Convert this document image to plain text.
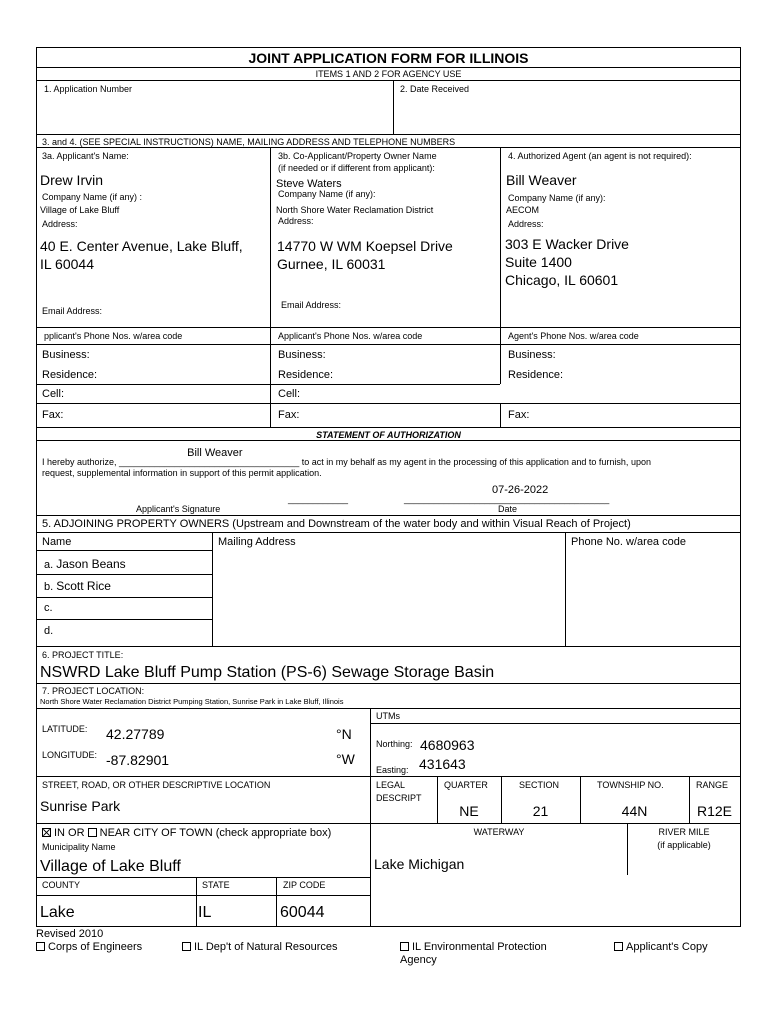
JOINT APPLICATION FORM FOR ILLINOIS
ITEMS 1 AND 2 FOR AGENCY USE
1. Application Number	2. Date Received
3. and 4. (SEE SPECIAL INSTRUCTIONS) NAME, MAILING ADDRESS AND TELEPHONE NUMBERS
3a. Applicant's Name:
Drew Irvin
Company Name (if any) :
Village of Lake Bluff
Address:
40 E. Center Avenue, Lake Bluff,
IL 60044
Email Address:
pplicant's Phone Nos. w/area code
Business:
Residence:
Cell:
Fax:
3b. Co-Applicant/Property Owner Name
(if needed or if different from applicant):
Steve Waters
Company Name (if any):
North Shore Water Reclamation District
Address:
14770 W WM Koepsel Drive
Gurnee, IL 60031
Email Address:
Applicant's Phone Nos. w/area code
Business:
Residence:
Cell:
Fax:
4. Authorized Agent (an agent is not required):
Bill Weaver
Company Name (if any):
AECOM
Address:
303 E Wacker Drive
Suite 1400
Chicago, IL 60601
Agent's Phone Nos. w/area code
Business:
Residence:
Fax:
STATEMENT OF AUTHORIZATION
I hereby authorize, ____________
Bill Weaver
________________________ to act in my behalf as my agent in the processing of this application and to furnish, upon
request, supplemental information in support of this permit application.
____________	_________________________________________
07-26-2022
Applicant's Signature	Date
5. ADJOINING PROPERTY OWNERS (Upstream and Downstream of the water body and within Visual Reach of Project)
Name	Mailing Address	Phone No. w/area code
a. Jason Beans
b. Scott Rice
c.
d.
6. PROJECT TITLE:
NSWRD Lake Bluff Pump Station (PS-6) Sewage Storage Basin
7. PROJECT LOCATION:
North Shore Water Reclamation District Pumping Station, Sunrise Park in Lake Bluff, Illinois
LATITUDE: 42.27789	°N
LONGITUDE: -87.82901	°W
UTMs
Northing: 4680963
Easting: 431643
STREET, ROAD, OR OTHER DESCRIPTIVE LOCATION
Sunrise Park
LEGAL
DESCRIPT
QUARTER
NE
SECTION
21
TOWNSHIP NO.
44N
RANGE
R12E
IN OR NEAR CITY OF TOWN (check appropriate box)
Municipality Name
Village of Lake Bluff
WATERWAY
Lake Michigan
RIVER MILE
(if applicable)
COUNTY
Lake
STATE
IL
ZIP CODE
60044
Revised 2010
Corps of Engineers	IL Dep't of Natural Resources	IL Environmental Protection
Agency
Applicant's Copy
